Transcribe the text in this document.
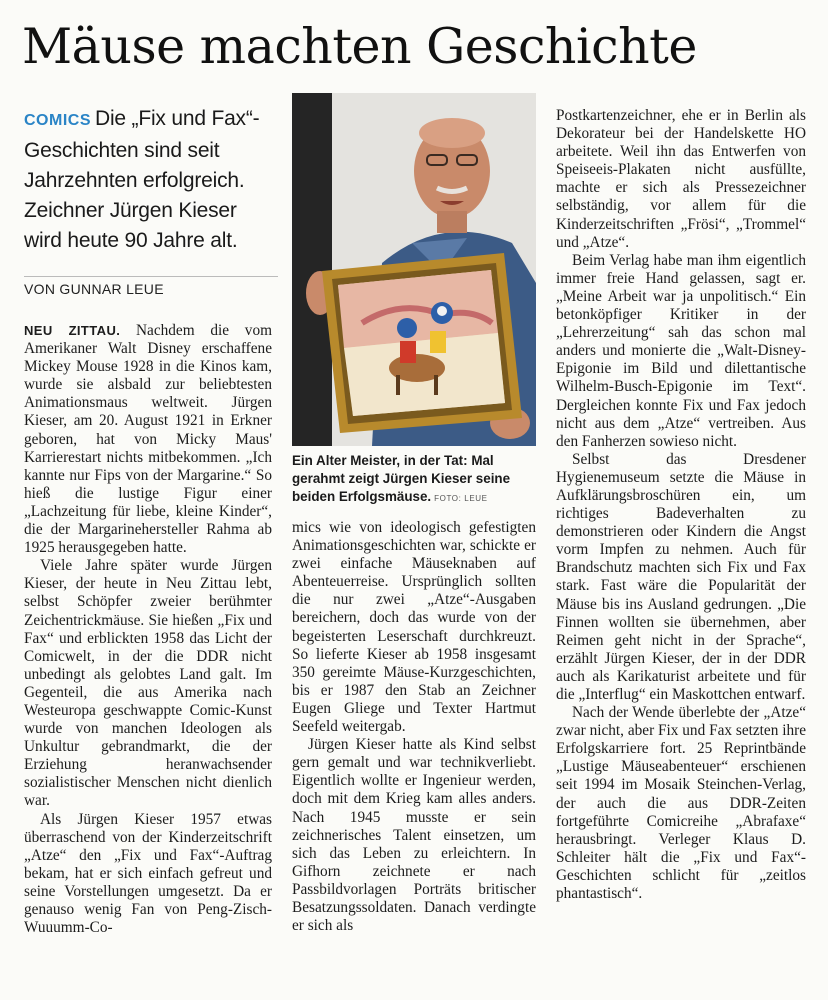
Mäuse machten Geschichte
COMICS Die „Fix und Fax“-Geschichten sind seit Jahrzehnten erfolgreich. Zeichner Jürgen Kieser wird heute 90 Jahre alt.
VON GUNNAR LEUE

NEU ZITTAU. Nachdem die vom Amerikaner Walt Disney erschaffene Mickey Mouse 1928 in die Kinos kam, wurde sie alsbald zur beliebtesten Animationsmaus weltweit. Jürgen Kieser, am 20. August 1921 in Erkner geboren, hat von Micky Maus' Karrierestart nichts mitbekommen. „Ich kannte nur Fips von der Margarine.“ So hieß die lustige Figur einer „Lachzeitung für liebe, kleine Kinder“, die der Margarinehersteller Rahma ab 1925 herausgegeben hatte.

Viele Jahre später wurde Jürgen Kieser, der heute in Neu Zittau lebt, selbst Schöpfer zweier berühmter Zeichentrickmäuse. Sie hießen „Fix und Fax“ und erblickten 1958 das Licht der Comicwelt, in der die DDR nicht unbedingt als gelobtes Land galt. Im Gegenteil, die aus Amerika nach Westeuropa geschwappte Comic-Kunst wurde von manchen Ideologen als Unkultur gebrandmarkt, die der Erziehung heranwachsender sozialistischer Menschen nicht dienlich war.

Als Jürgen Kieser 1957 etwas überraschend von der Kinderzeitschrift „Atze“ den „Fix und Fax“-Auftrag bekam, hat er sich einfach gefreut und seine Vorstellungen umgesetzt. Da er genauso wenig Fan von Peng-Zisch-Wuuumm-Co-

Ein Alter Meister, in der Tat: Mal gerahmt zeigt Jürgen Kieser seine beiden Erfolgsmäuse. FOTO: LEUE

mics wie von ideologisch gefestigten Animationsgeschichten war, schickte er zwei einfache Mäuseknaben auf Abenteuerreise. Ursprünglich sollten die nur zwei „Atze“-Ausgaben bereichern, doch das wurde von der begeisterten Leserschaft durchkreuzt. So lieferte Kieser ab 1958 insgesamt 350 gereimte Mäuse-Kurzgeschichten, bis er 1987 den Stab an Zeichner Eugen Gliege und Texter Hartmut Seefeld weitergab.

Jürgen Kieser hatte als Kind selbst gern gemalt und war technikverliebt. Eigentlich wollte er Ingenieur werden, doch mit dem Krieg kam alles anders. Nach 1945 musste er sein zeichnerisches Talent einsetzen, um sich das Leben zu erleichtern. In Gifhorn zeichnete er nach Passbildvorlagen Porträts britischer Besatzungssoldaten. Danach verdingte er sich als

Postkartenzeichner, ehe er in Berlin als Dekorateur bei der Handelskette HO arbeitete. Weil ihn das Entwerfen von Speiseeis-Plakaten nicht ausfüllte, machte er sich als Pressezeichner selbständig, vor allem für die Kinderzeitschriften „Frösi“, „Trommel“ und „Atze“.

Beim Verlag habe man ihm eigentlich immer freie Hand gelassen, sagt er. „Meine Arbeit war ja unpolitisch.“ Ein betonköpfiger Kritiker in der „Lehrerzeitung“ sah das schon mal anders und monierte die „Walt-Disney-Epigonie im Bild und dilettantische Wilhelm-Busch-Epigonie im Text“. Dergleichen konnte Fix und Fax jedoch nicht aus dem „Atze“ vertreiben. Aus den Fanherzen sowieso nicht.

Selbst das Dresdener Hygienemuseum setzte die Mäuse in Aufklärungsbroschüren ein, um richtiges Badeverhalten zu demonstrieren oder Kindern die Angst vorm Impfen zu nehmen. Auch für Brandschutz machten sich Fix und Fax stark. Fast wäre die Popularität der Mäuse bis ins Ausland gedrungen. „Die Finnen wollten sie übernehmen, aber Reimen geht nicht in der Sprache“, erzählt Jürgen Kieser, der in der DDR auch als Karikaturist arbeitete und für die „Interflug“ ein Maskottchen entwarf.

Nach der Wende überlebte der „Atze“ zwar nicht, aber Fix und Fax setzten ihre Erfolgskarriere fort. 25 Reprintbände „Lustige Mäuseabenteuer“ erschienen seit 1994 im Mosaik Steinchen-Verlag, der auch die aus DDR-Zeiten fortgeführte Comicreihe „Abrafaxe“ herausbringt. Verleger Klaus D. Schleiter hält die „Fix und Fax“-Geschichten schlicht für „zeitlos phantastisch“.
